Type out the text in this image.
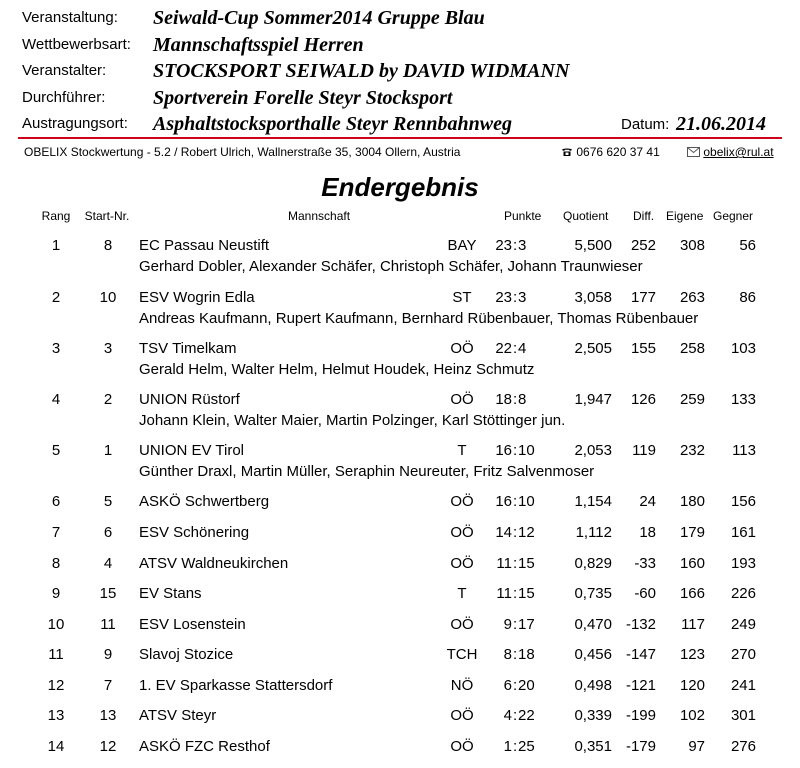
Veranstaltung: Seiwald-Cup Sommer2014 Gruppe Blau
Wettbewerbsart: Mannschaftsspiel Herren
Veranstalter: STOCKSPORT SEIWALD by DAVID WIDMANN
Durchführer: Sportverein Forelle Steyr Stocksport
Austragungsort: Asphaltstocksporthalle Steyr Rennbahnweg	Datum: 21.06.2014
OBELIX Stockwertung - 5.2 / Robert Ulrich, Wallnerstraße 35, 3004 Ollern, Austria	0676 620 37 41	obelix@rul.at
Endergebnis
Rang	Start-Nr.	Mannschaft	Punkte Quotient Diff. Eigene Gegner
1	8	EC Passau Neustift	BAY	23 : 3	5,500	252	308	56
Gerhard Dobler, Alexander Schäfer, Christoph Schäfer, Johann Traunwieser
2	10	ESV Wogrin Edla	ST	23 : 3	3,058	177	263	86
Andreas Kaufmann, Rupert Kaufmann, Bernhard Rübenbauer, Thomas Rübenbauer
3	3	TSV Timelkam	OÖ	22 : 4	2,505	155	258	103
Gerald Helm, Walter Helm, Helmut Houdek, Heinz Schmutz
4	2	UNION Rüstorf	OÖ	18 : 8	1,947	126	259	133
Johann Klein, Walter Maier, Martin Polzinger, Karl Stöttinger jun.
5	1	UNION EV Tirol	T	16 : 10	2,053	119	232	113
Günther Draxl, Martin Müller, Seraphin Neureuter, Fritz Salvenmoser
6	5	ASKÖ Schwertberg	OÖ	16 : 10	1,154	24	180	156
7	6	ESV Schönering	OÖ	14 : 12	1,112	18	179	161
8	4	ATSV Waldneukirchen	OÖ	11 : 15	0,829	-33	160	193
9	15	EV Stans	T	11 : 15	0,735	-60	166	226
10	11	ESV Losenstein	OÖ	9 : 17	0,470 -132	117	249
11	9	Slavoj Stozice	TCH	8 : 18	0,456 -147	123	270
12	7	1. EV Sparkasse Stattersdorf	NÖ	6 : 20	0,498 -121	120	241
13	13	ATSV Steyr	OÖ	4 : 22	0,339 -199	102	301
14	12	ASKÖ FZC Resthof	OÖ	1 : 25	0,351 -179	97	276
